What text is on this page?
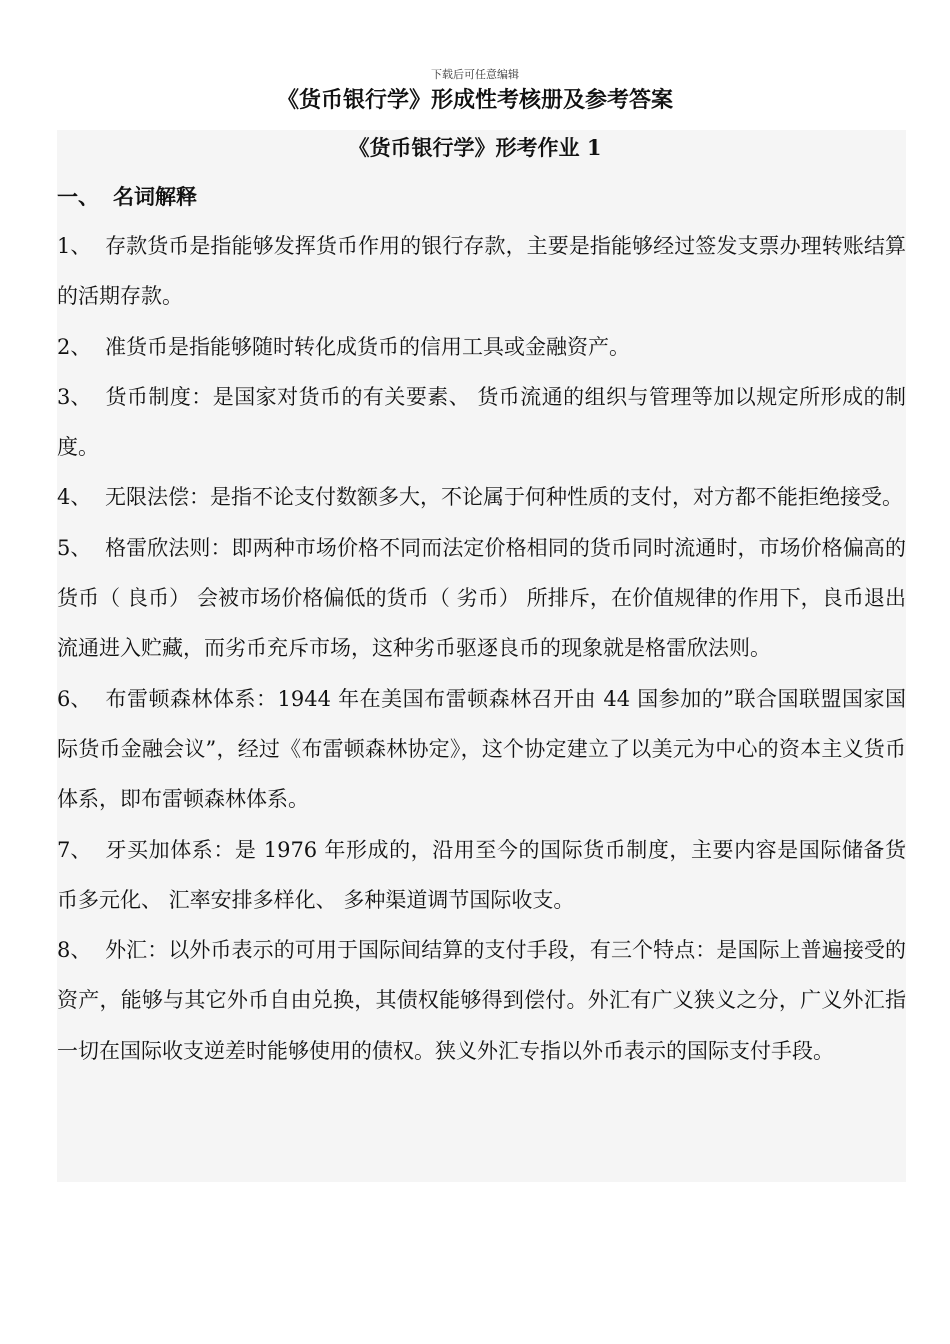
下载后可任意编辑
《货币银行学》形成性考核册及参考答案
《货币银行学》形考作业 1
一、 名词解释

1、 存款货币是指能够发挥货币作用的银行存款，主要是指能够经过签发支票办理转账结算的活期存款。

2、 准货币是指能够随时转化成货币的信用工具或金融资产。

3、 货币制度：是国家对货币的有关要素、 货币流通的组织与管理等加以规定所形成的制度。

4、 无限法偿：是指不论支付数额多大，不论属于何种性质的支付，对方都不能拒绝接受。

5、 格雷欣法则：即两种市场价格不同而法定价格相同的货币同时流通时，市场价格偏高的货币（ 良币） 会被市场价格偏低的货币（ 劣币） 所排斥，在价值规律的作用下，良币退出流通进入贮藏，而劣币充斥市场，这种劣币驱逐良币的现象就是格雷欣法则。

6、 布雷顿森林体系：1944 年在美国布雷顿森林召开由 44 国参加的”联合国联盟国家国际货币金融会议”，经过《布雷顿森林协定》，这个协定建立了以美元为中心的资本主义货币体系，即布雷顿森林体系。

7、 牙买加体系：是 1976 年形成的，沿用至今的国际货币制度，主要内容是国际储备货币多元化、 汇率安排多样化、 多种渠道调节国际收支。

8、 外汇：以外币表示的可用于国际间结算的支付手段，有三个特点：是国际上普遍接受的资产，能够与其它外币自由兑换，其债权能够得到偿付。外汇有广义狭义之分，广义外汇指一切在国际收支逆差时能够使用的债权。狭义外汇专指以外币表示的国际支付手段。
